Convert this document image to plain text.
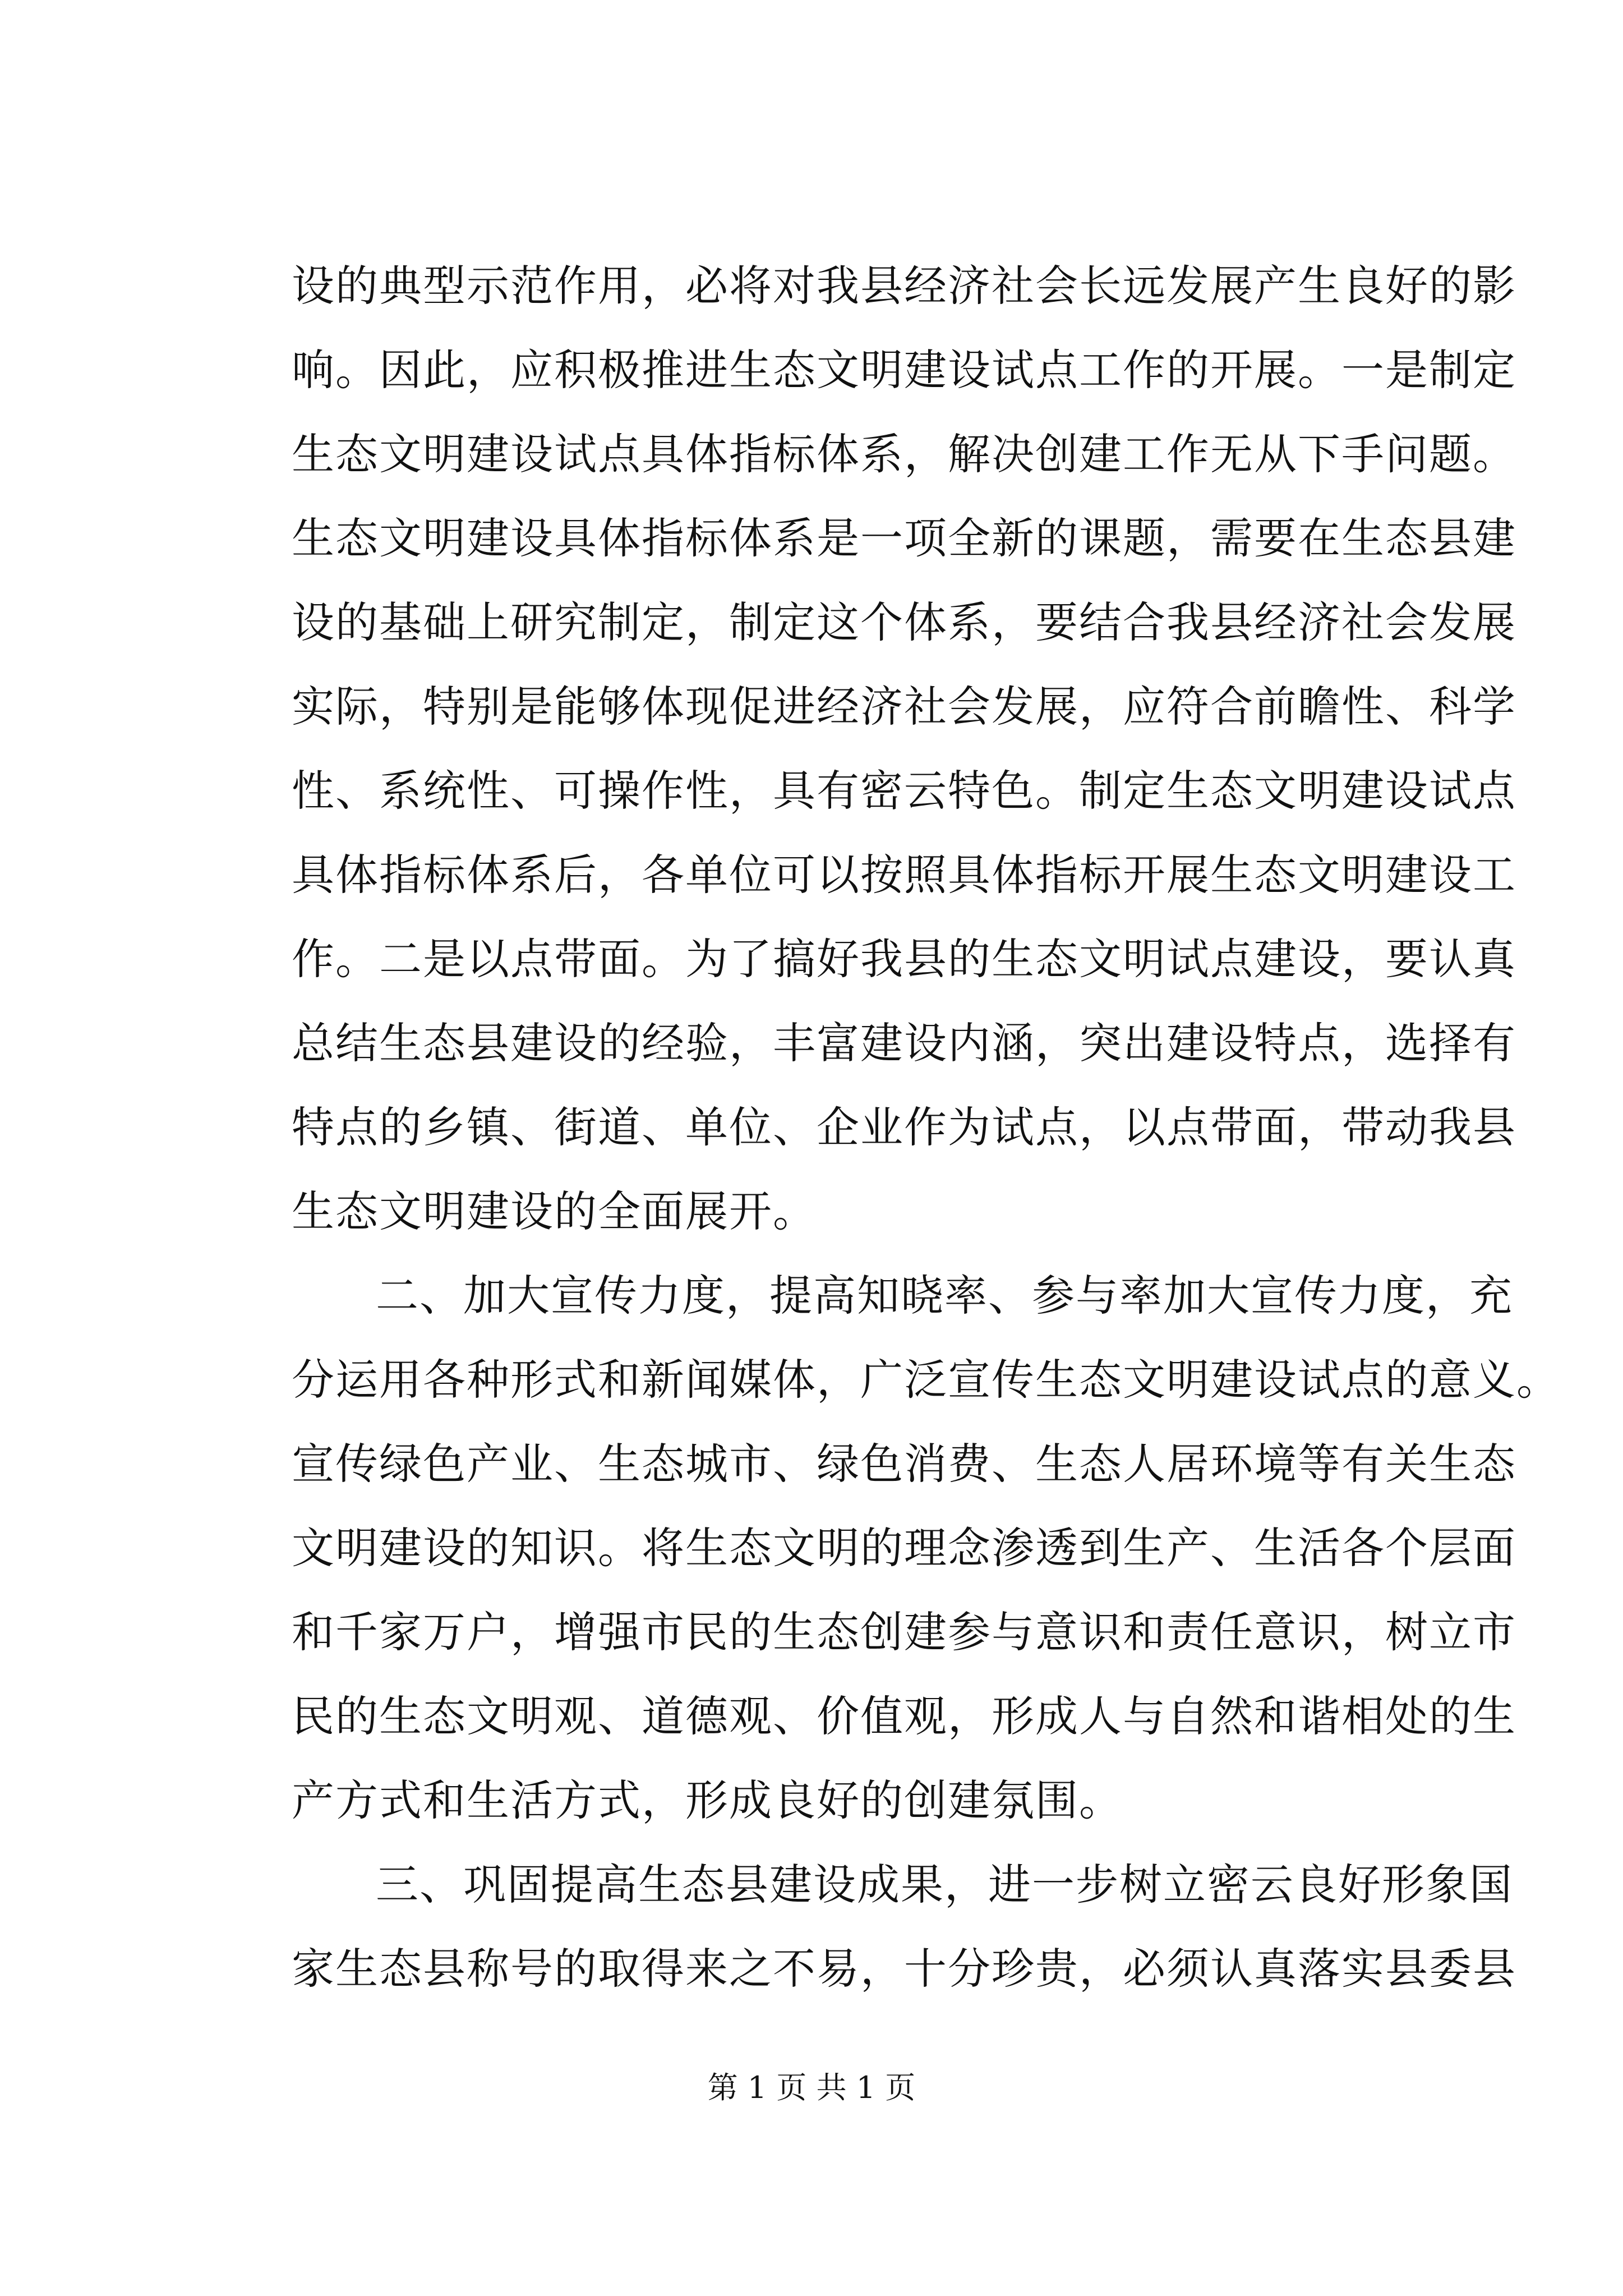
设的典型示范作用，必将对我县经济社会长远发展产生良好的影
响。因此，应积极推进生态文明建设试点工作的开展。一是制定
生态文明建设试点具体指标体系，解决创建工作无从下手问题。
生态文明建设具体指标体系是一项全新的课题，需要在生态县建
设的基础上研究制定，制定这个体系，要结合我县经济社会发展
实际，特别是能够体现促进经济社会发展，应符合前瞻性、科学
性、系统性、可操作性，具有密云特色。制定生态文明建设试点
具体指标体系后，各单位可以按照具体指标开展生态文明建设工
作。二是以点带面。为了搞好我县的生态文明试点建设，要认真
总结生态县建设的经验，丰富建设内涵，突出建设特点，选择有
特点的乡镇、街道、单位、企业作为试点，以点带面，带动我县
生态文明建设的全面展开。
二、加大宣传力度，提高知晓率、参与率加大宣传力度，充
分运用各种形式和新闻媒体，广泛宣传生态文明建设试点的意义。
宣传绿色产业、生态城市、绿色消费、生态人居环境等有关生态
文明建设的知识。将生态文明的理念渗透到生产、生活各个层面
和千家万户，增强市民的生态创建参与意识和责任意识，树立市
民的生态文明观、道德观、价值观，形成人与自然和谐相处的生
产方式和生活方式，形成良好的创建氛围。
三、巩固提高生态县建设成果，进一步树立密云良好形象国
家生态县称号的取得来之不易，十分珍贵，必须认真落实县委县
第 1 页 共 1 页
